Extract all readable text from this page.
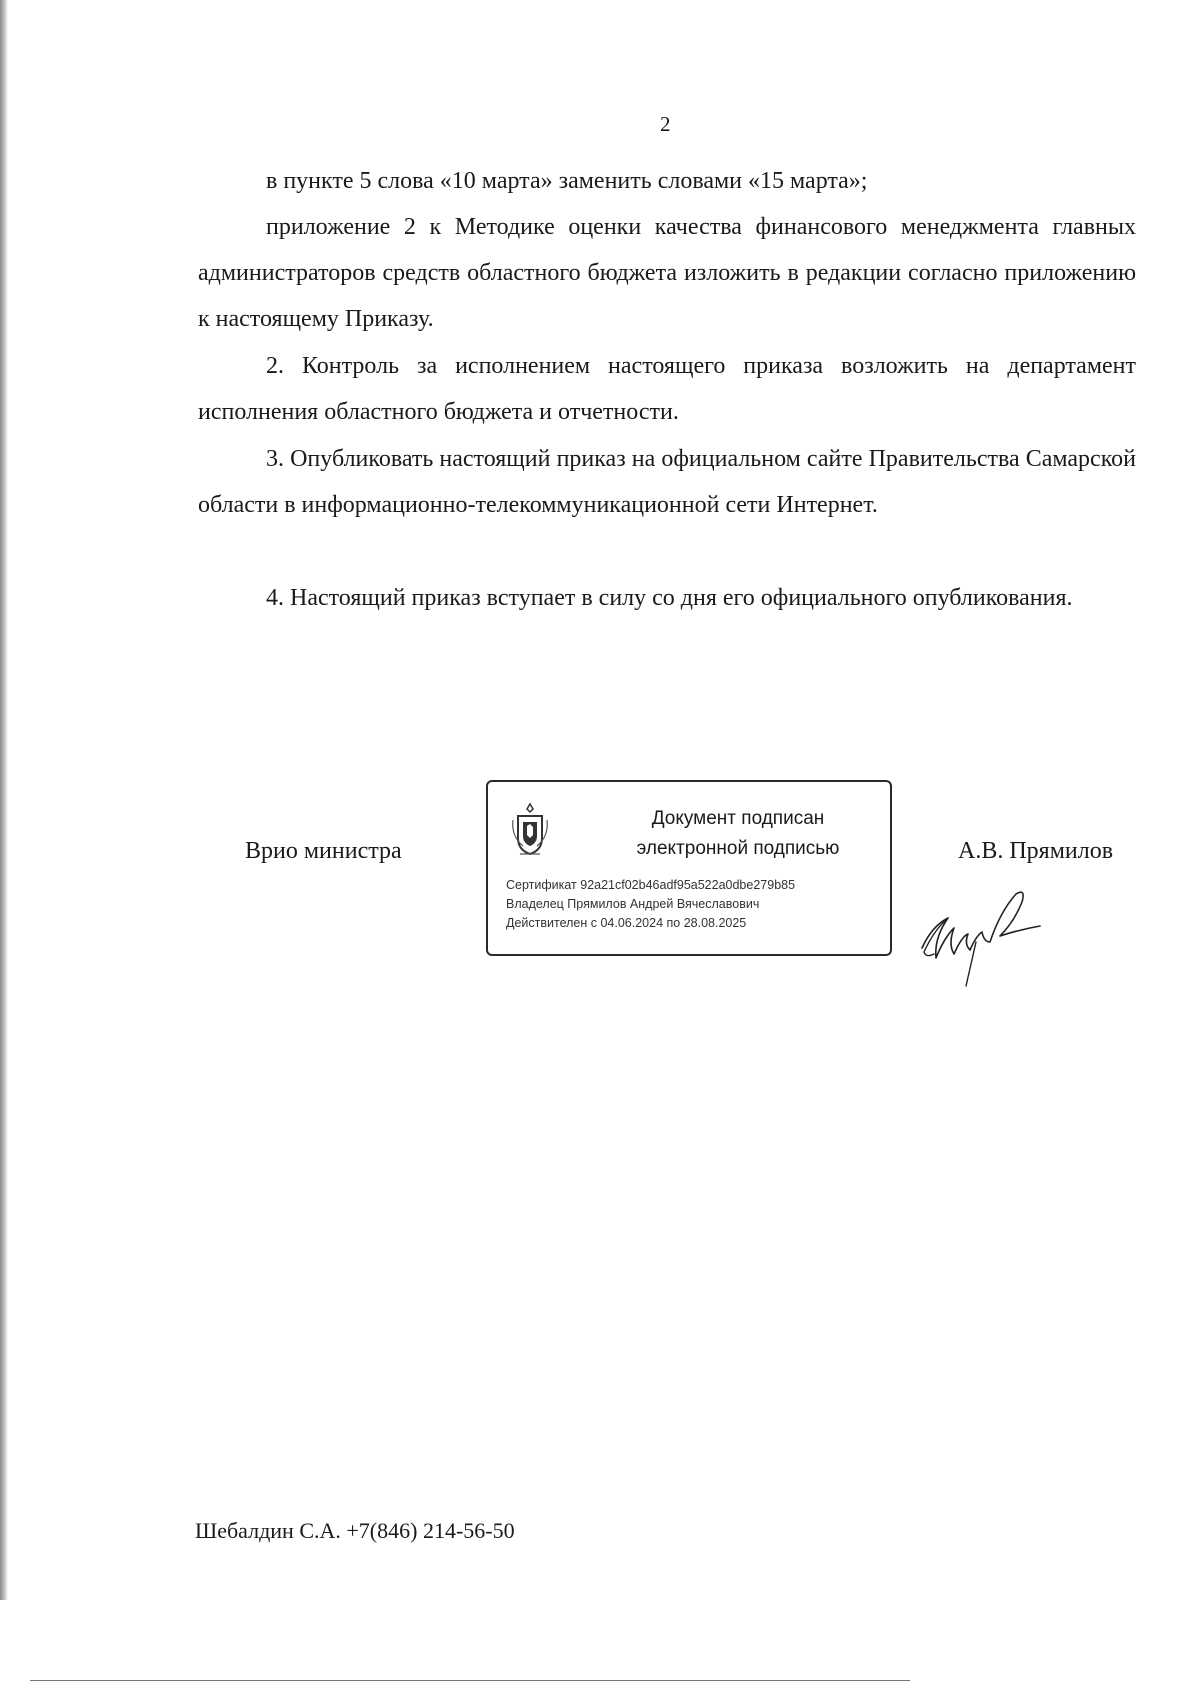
2

в пункте 5 слова «10 марта» заменить словами «15 марта»;

приложение 2 к Методике оценки качества финансового менеджмента главных администраторов средств областного бюджета изложить в редакции согласно приложению к настоящему Приказу.

2. Контроль за исполнением настоящего приказа возложить на департамент исполнения областного бюджета и отчетности.

3. Опубликовать настоящий приказ на официальном сайте Правительства Самарской области в информационно-телекоммуникационной сети Интернет.

4. Настоящий приказ вступает в силу со дня его официального опубликования.

Врио министра
Документ подписан
электронной подписью
Сертификат 92a21cf02b46adf95a522a0dbe279b85
Владелец Прямилов Андрей Вячеславович
Действителен с 04.06.2024 по 28.08.2025
А.В. Прямилов
Шебалдин С.А. +7(846) 214-56-50
